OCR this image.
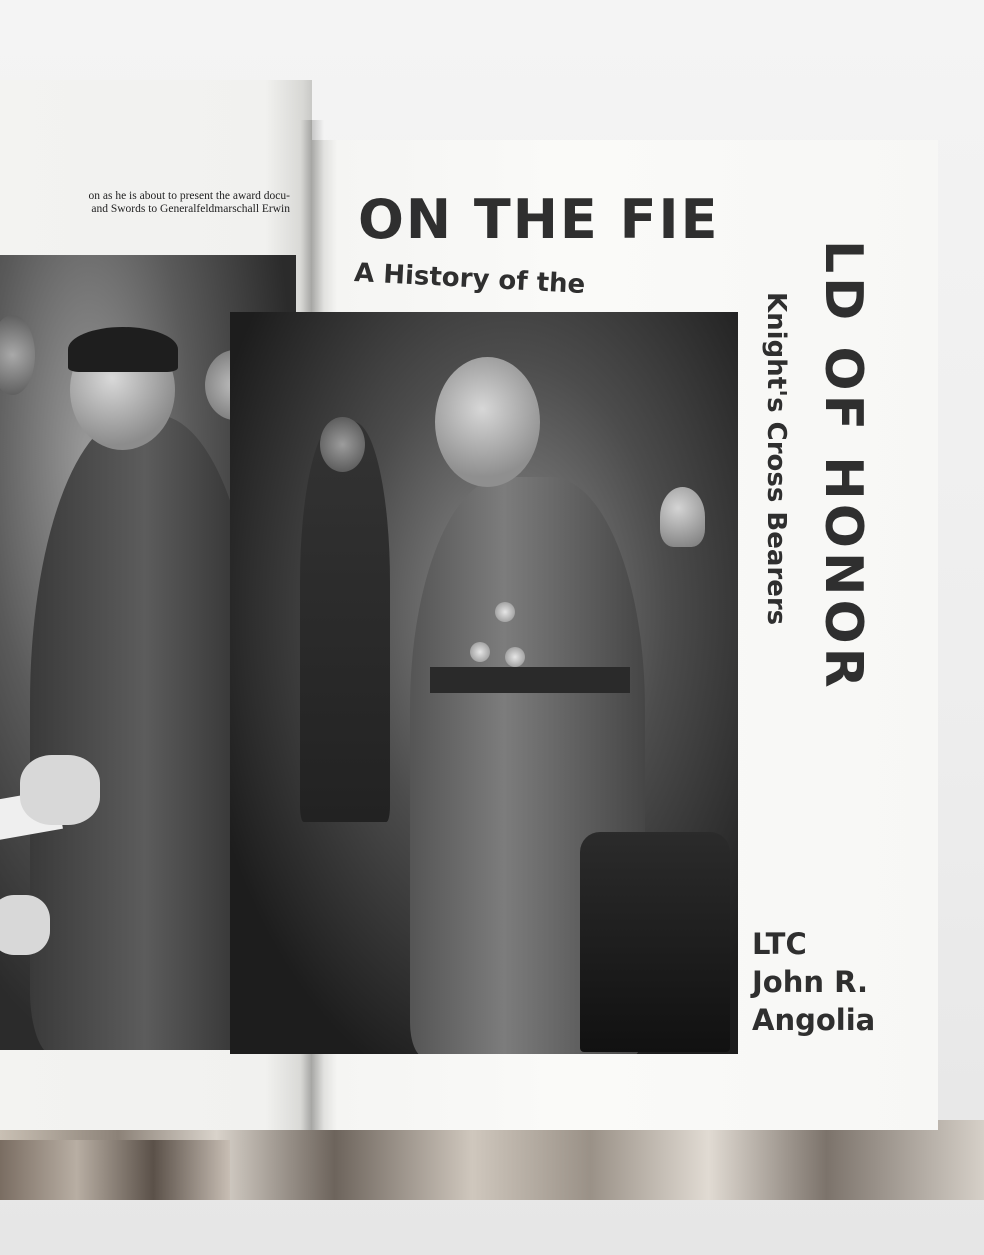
on as he is about to present the award docu-
and Swords to Generalfeldmarschall Erwin ON THE FIE
LD OF HONOR
A History of the
Knight's Cross Bearers
LTC
John R.
Angolia
